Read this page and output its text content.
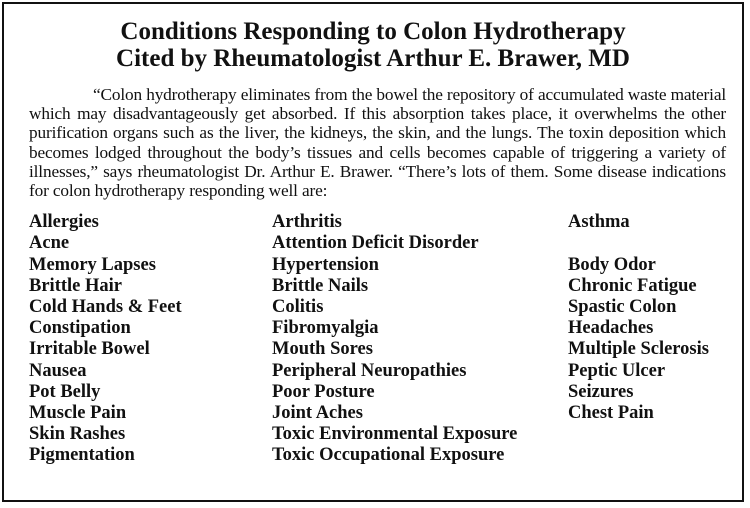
Conditions Responding to Colon Hydrotherapy
Cited by Rheumatologist Arthur E. Brawer, MD
“Colon hydrotherapy eliminates from the bowel the repository of accumulated waste material which may disadvantageously get absorbed. If this absorption takes place, it overwhelms the other purification organs such as the liver, the kidneys, the skin, and the lungs. The toxin deposition which becomes lodged throughout the body’s tissues and cells becomes capable of triggering a variety of illnesses,” says rheumatologist Dr. Arthur E. Brawer. “There’s lots of them. Some disease indications for colon hydrotherapy responding well are:
Allergies
Acne
Memory Lapses
Brittle Hair
Cold Hands & Feet
Constipation
Irritable Bowel
Nausea
Pot Belly
Muscle Pain
Skin Rashes
Pigmentation
Arthritis
Attention Deficit Disorder
Hypertension
Brittle Nails
Colitis
Fibromyalgia
Mouth Sores
Peripheral Neuropathies
Poor Posture
Joint Aches
Toxic Environmental Exposure
Toxic Occupational Exposure
Asthma
Body Odor
Chronic Fatigue
Spastic Colon
Headaches
Multiple Sclerosis
Peptic Ulcer
Seizures
Chest Pain
